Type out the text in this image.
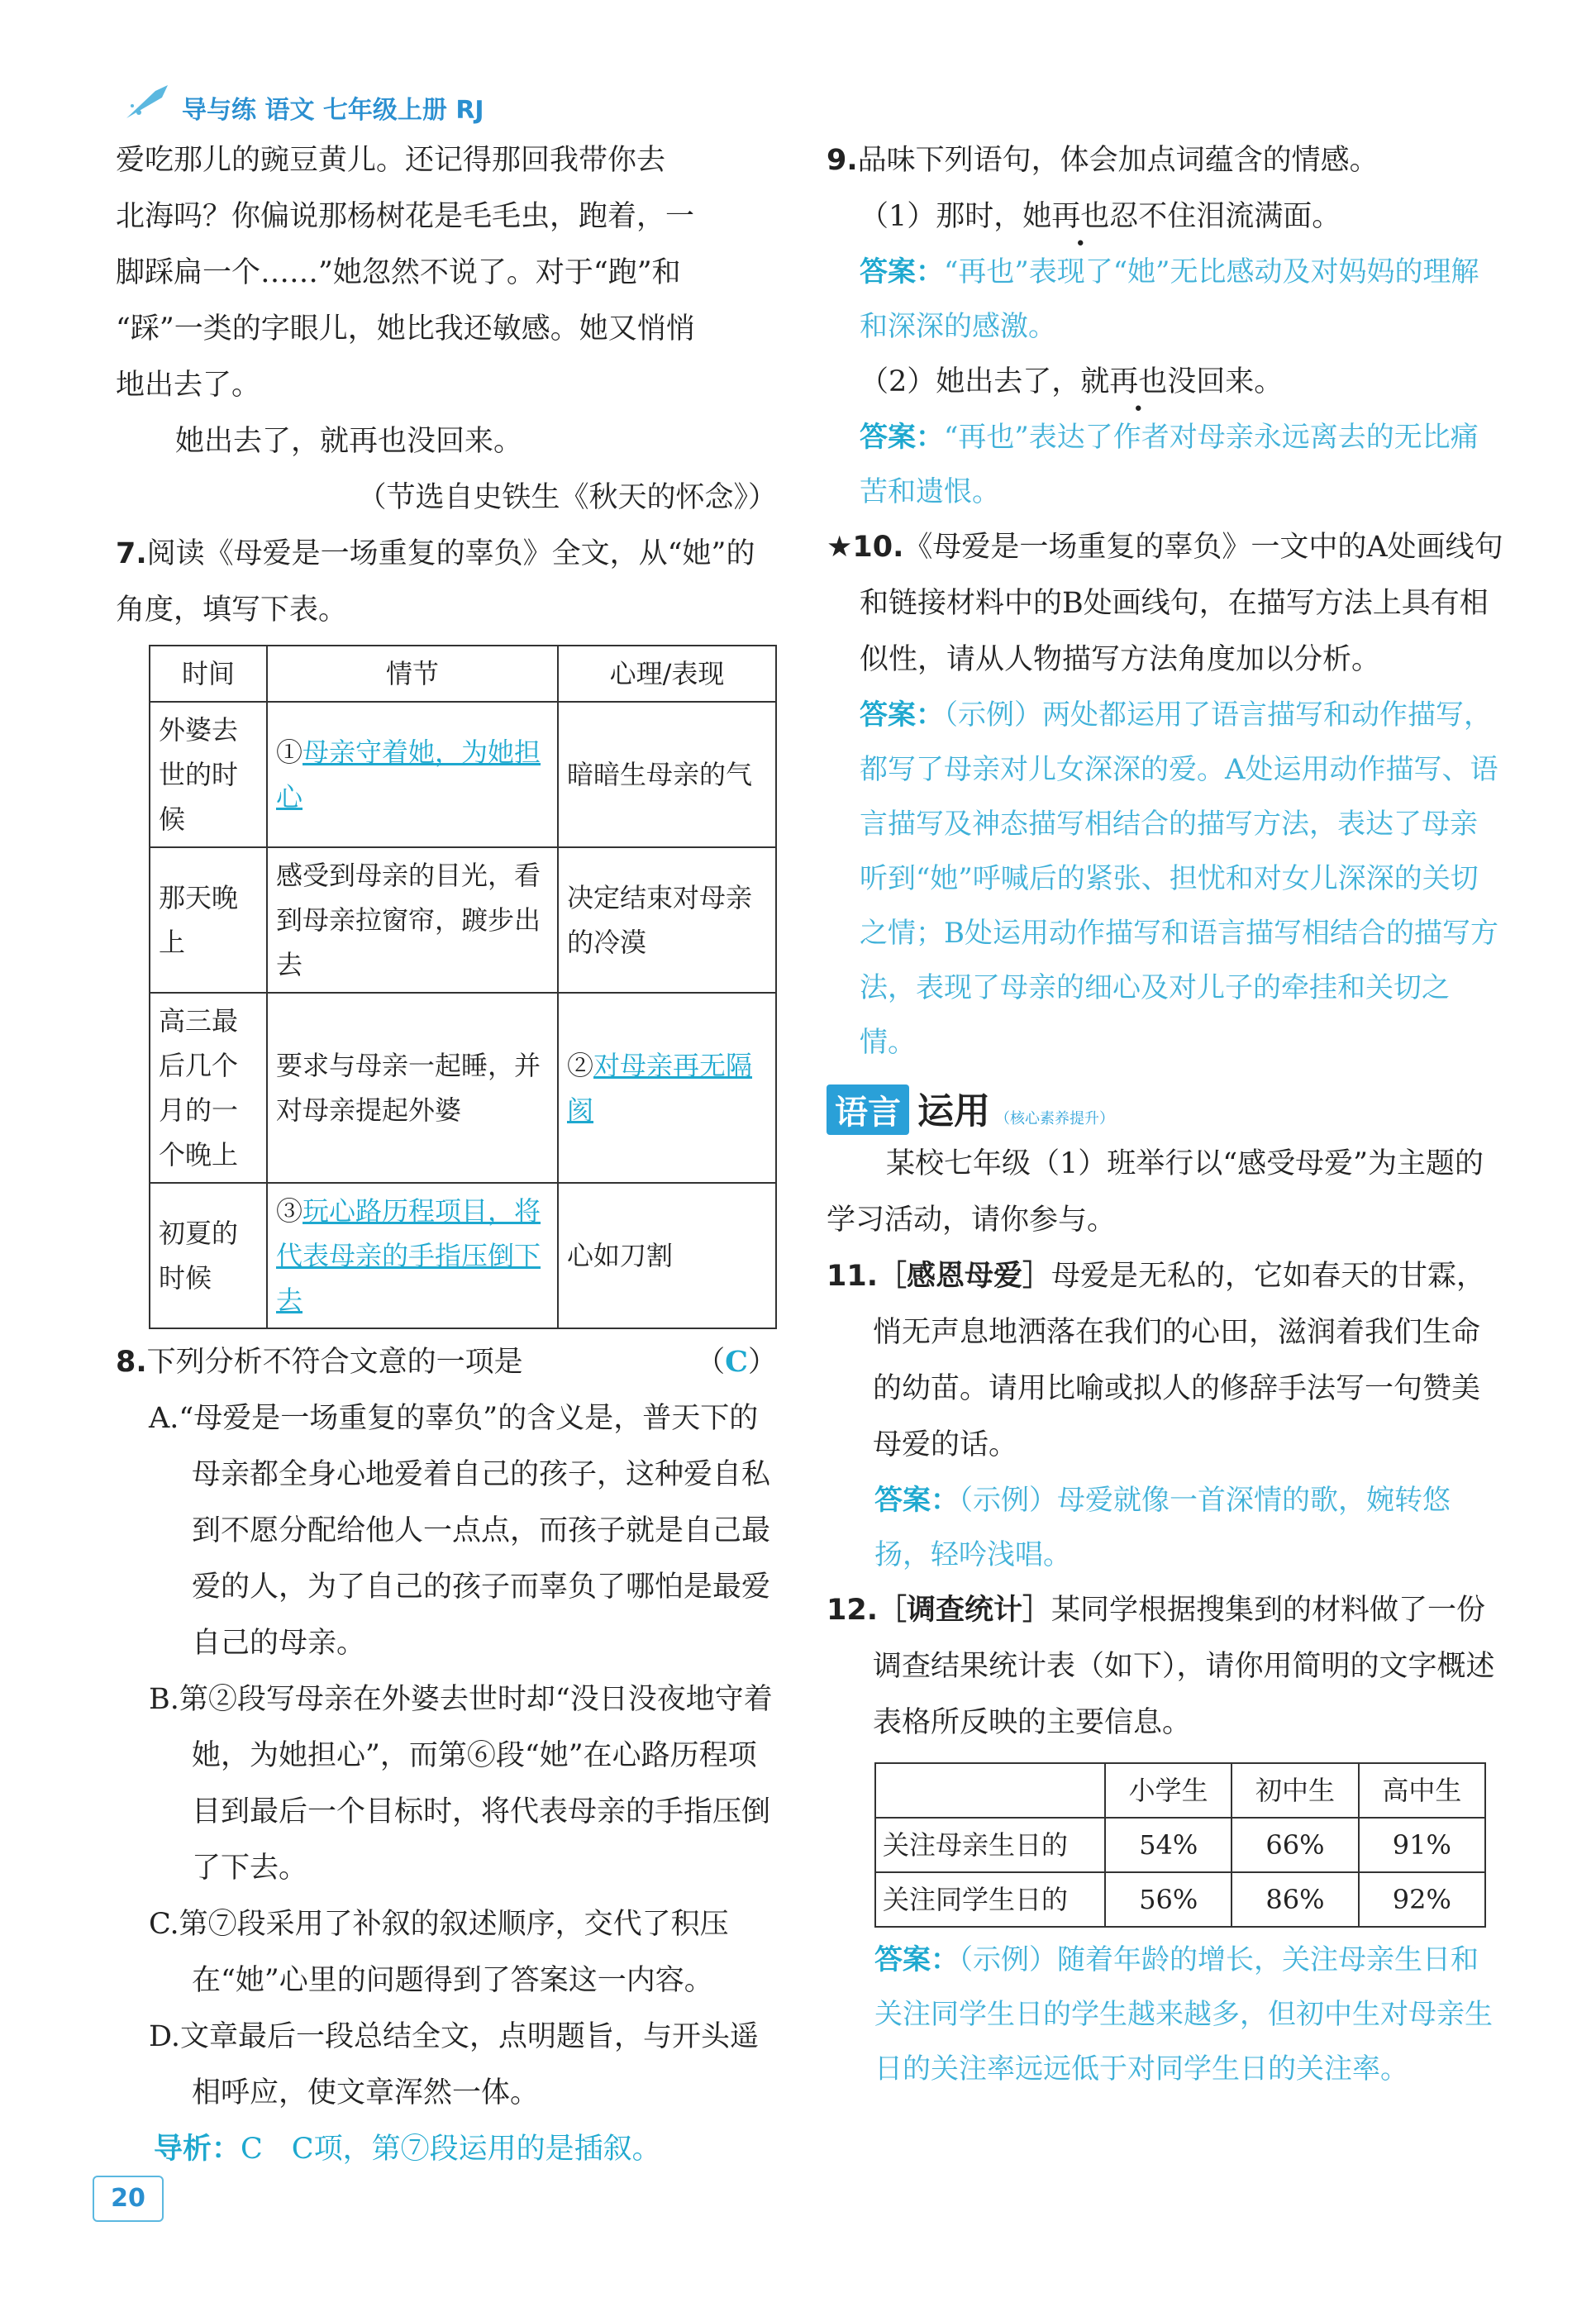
导与练 语文 七年级上册 RJ

爱吃那儿的豌豆黄儿。还记得那回我带你去

北海吗？你偏说那杨树花是毛毛虫，跑着，一

脚踩扁一个……”她忽然不说了。对于“跑”和

“踩”一类的字眼儿，她比我还敏感。她又悄悄

地出去了。

她出去了，就再也没回来。

（节选自史铁生《秋天的怀念》）

7.阅读《母爱是一场重复的辜负》全文，从“她”的角度，填写下表。

时间	情节	心理/表现
外婆去世的时候	①母亲守着她，为她担心	暗暗生母亲的气
那天晚上	感受到母亲的目光，看到母亲拉窗帘，踱步出去	决定结束对母亲的冷漠
高三最后几个月的一个晚上	要求与母亲一起睡，并对母亲提起外婆	②对母亲再无隔阂
初夏的时候	③玩心路历程项目，将代表母亲的手指压倒下去	心如刀割

8.下列分析不符合文意的一项是	（C）

A.“母爱是一场重复的辜负”的含义是，普天下的母亲都全身心地爱着自己的孩子，这种爱自私到不愿分配给他人一点点，而孩子就是自己最爱的人，为了自己的孩子而辜负了哪怕是最爱自己的母亲。

B.第②段写母亲在外婆去世时却“没日没夜地守着她，为她担心”，而第⑥段“她”在心路历程项目到最后一个目标时，将代表母亲的手指压倒了下去。

C.第⑦段采用了补叙的叙述顺序，交代了积压在“她”心里的问题得到了答案这一内容。

D.文章最后一段总结全文，点明题旨，与开头遥相呼应，使文章浑然一体。

导析：C　C项，第⑦段运用的是插叙。

9.品味下列语句，体会加点词蕴含的情感。

（1）那时，她再也忍不住泪流满面。

答案：“再也”表现了“她”无比感动及对妈妈的理解和深深的感激。

（2）她出去了，就再也没回来。

答案：“再也”表达了作者对母亲永远离去的无比痛苦和遗恨。

★10.《母爱是一场重复的辜负》一文中的A处画线句和链接材料中的B处画线句，在描写方法上具有相似性，请从人物描写方法角度加以分析。

答案：（示例）两处都运用了语言描写和动作描写，都写了母亲对儿女深深的爱。A处运用动作描写、语言描写及神态描写相结合的描写方法，表达了母亲听到“她”呼喊后的紧张、担忧和对女儿深深的关切之情；B处运用动作描写和语言描写相结合的描写方法，表现了母亲的细心及对儿子的牵挂和关切之情。

语言 运用 （核心素养提升）

某校七年级（1）班举行以“感受母爱”为主题的学习活动，请你参与。

11.［感恩母爱］母爱是无私的，它如春天的甘霖，悄无声息地洒落在我们的心田，滋润着我们生命的幼苗。请用比喻或拟人的修辞手法写一句赞美母爱的话。

答案：（示例）母爱就像一首深情的歌，婉转悠扬，轻吟浅唱。

12.［调查统计］某同学根据搜集到的材料做了一份调查结果统计表（如下），请你用简明的文字概述表格所反映的主要信息。

	小学生	初中生	高中生
关注母亲生日的	54%	66%	91%
关注同学生日的	56%	86%	92%

答案：（示例）随着年龄的增长，关注母亲生日和关注同学生日的学生越来越多，但初中生对母亲生日的关注率远远低于对同学生日的关注率。

20
